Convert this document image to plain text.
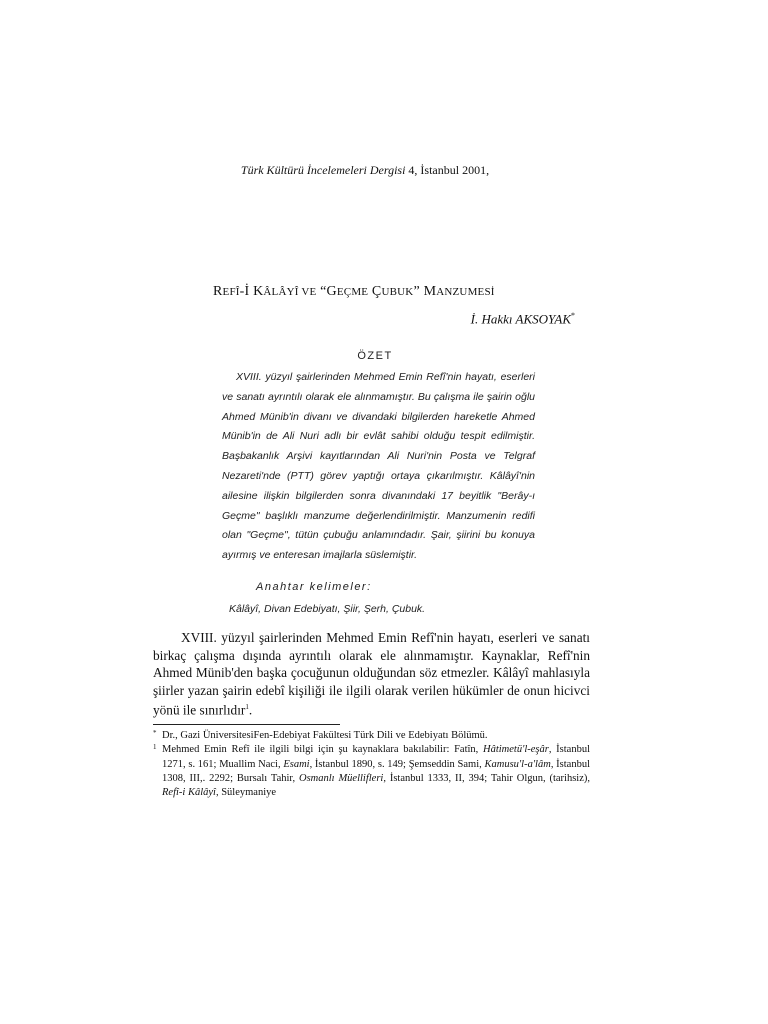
Türk Kültürü İncelemeleri Dergisi 4, İstanbul 2001,
REFÎ-İ KÂLÂYÎ VE “GEÇME ÇUBUK” MANZUMESİ
İ. Hakkı AKSOYAK*
ÖZET
XVIII. yüzyıl şairlerinden Mehmed Emin Refî'nin hayatı, eserleri ve sanatı ayrıntılı olarak ele alınmamıştır. Bu çalışma ile şairin oğlu Ahmed Münib'in divanı ve divandaki bilgilerden hareketle Ahmed Münib'in de Ali Nuri adlı bir evlât sahibi olduğu tespit edilmiştir. Başbakanlık Arşivi kayıtlarından Ali Nuri'nin Posta ve Telgraf Nezareti'nde (PTT) görev yaptığı ortaya çıkarılmıştır. Kâlâyî'nin ailesine ilişkin bilgilerden sonra divanındaki 17 beyitlik "Berây-ı Geçme" başlıklı manzume değerlendirilmiştir. Manzumenin redifi olan "Geçme", tütün çubuğu anlamındadır. Şair, şiirini bu konuya ayırmış ve enteresan imajlarla süslemiştir.
Anahtar kelimeler:
Kâlâyî, Divan Edebiyatı, Şiir, Şerh, Çubuk.
XVIII. yüzyıl şairlerinden Mehmed Emin Refî'nin hayatı, eserleri ve sanatı birkaç çalışma dışında ayrıntılı olarak ele alınmamıştır. Kaynaklar, Refî'nin Ahmed Münib'den başka çocuğunun olduğundan söz etmezler. Kâlâyî mahlasıyla şiirler yazan şairin edebî kişiliği ile ilgili olarak verilen hükümler de onun hicivci yönü ile sınırlıdır$^1$.
* Dr., Gazi ÜniversitesiFen-Edebiyat Fakültesi Türk Dili ve Edebiyatı Bölümü.
1 Mehmed Emin Refî ile ilgili bilgi için şu kaynaklara bakılabilir: Fatîn, Hâtimetü'l-eşâr, İstanbul 1271, s. 161; Muallim Naci, Esami, İstanbul 1890, s. 149; Şemseddin Sami, Kamusu'l-a'lâm, İstanbul 1308, III,. 2292; Bursalı Tahir, Osmanlı Müellifleri, İstanbul 1333, II, 394; Tahir Olgun, (tarihsiz), Refî-i Kâlâyî, Süleymaniye
